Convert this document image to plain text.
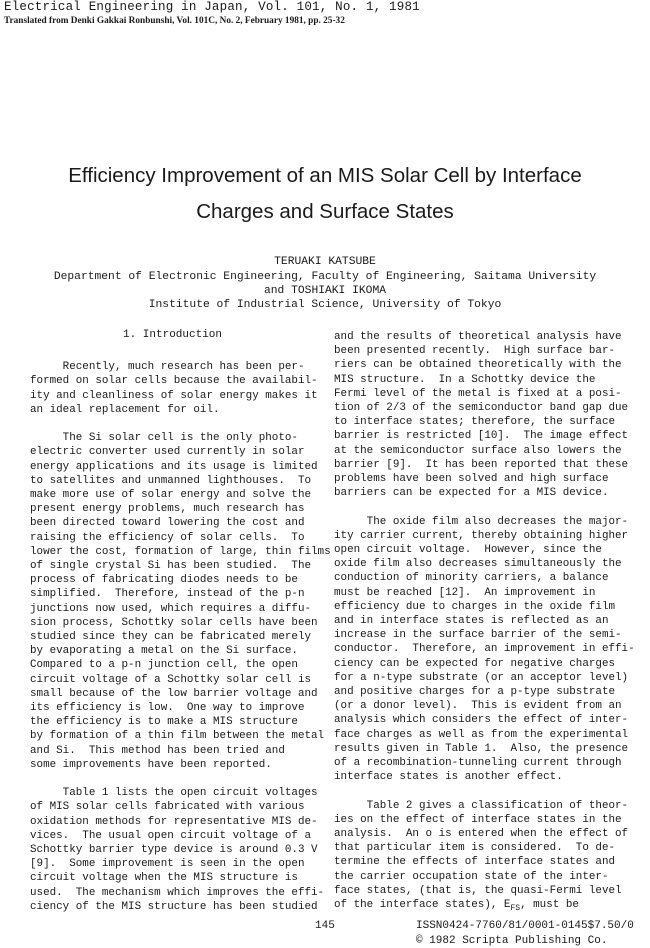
Electrical Engineering in Japan, Vol. 101, No. 1, 1981
Translated from Denki Gakkai Ronbunshi, Vol. 101C, No. 2, February 1981, pp. 25-32
Efficiency Improvement of an MIS Solar Cell by Interface
Charges and Surface States
TERUAKI KATSUBE
Department of Electronic Engineering, Faculty of Engineering, Saitama University
and TOSHIAKI IKOMA
Institute of Industrial Science, University of Tokyo
1. Introduction

Recently, much research has been per-
formed on solar cells because the availabil-
ity and cleanliness of solar energy makes it
an ideal replacement for oil.

The Si solar cell is the only photo-
electric converter used currently in solar
energy applications and its usage is limited
to satellites and unmanned lighthouses.  To
make more use of solar energy and solve the
present energy problems, much research has
been directed toward lowering the cost and
raising the efficiency of solar cells.  To
lower the cost, formation of large, thin films
of single crystal Si has been studied.  The
process of fabricating diodes needs to be
simplified.  Therefore, instead of the p-n
junctions now used, which requires a diffu-
sion process, Schottky solar cells have been
studied since they can be fabricated merely
by evaporating a metal on the Si surface.
Compared to a p-n junction cell, the open
circuit voltage of a Schottky solar cell is
small because of the low barrier voltage and
its efficiency is low.  One way to improve
the efficiency is to make a MIS structure
by formation of a thin film between the metal
and Si.  This method has been tried and
some improvements have been reported.

Table 1 lists the open circuit voltages
of MIS solar cells fabricated with various
oxidation methods for representative MIS de-
vices.  The usual open circuit voltage of a
Schottky barrier type device is around 0.3 V
[9].  Some improvement is seen in the open
circuit voltage when the MIS structure is
used.  The mechanism which improves the effi-
ciency of the MIS structure has been studied

and the results of theoretical analysis have
been presented recently.  High surface bar-
riers can be obtained theoretically with the
MIS structure.  In a Schottky device the
Fermi level of the metal is fixed at a posi-
tion of 2/3 of the semiconductor band gap due
to interface states; therefore, the surface
barrier is restricted [10].  The image effect
at the semiconductor surface also lowers the
barrier [9].  It has been reported that these
problems have been solved and high surface
barriers can be expected for a MIS device.

The oxide film also decreases the major-
ity carrier current, thereby obtaining higher
open circuit voltage.  However, since the
oxide film also decreases simultaneously the
conduction of minority carriers, a balance
must be reached [12].  An improvement in
efficiency due to charges in the oxide film
and in interface states is reflected as an
increase in the surface barrier of the semi-
conductor.  Therefore, an improvement in effi-
ciency can be expected for negative charges
for a n-type substrate (or an acceptor level)
and positive charges for a p-type substrate
(or a donor level).  This is evident from an
analysis which considers the effect of inter-
face charges as well as from the experimental
results given in Table 1.  Also, the presence
of a recombination-tunneling current through
interface states is another effect.

Table 2 gives a classification of theor-
ies on the effect of interface states in the
analysis.  An o is entered when the effect of
that particular item is considered.  To de-
termine the effects of interface states and
the carrier occupation state of the inter-
face states, (that is, the quasi-Fermi level
of the interface states), $E_{FS}$, must be

145	ISSN0424-7760/81/0001-0145$7.50/0
© 1982 Scripta Publishing Co.
